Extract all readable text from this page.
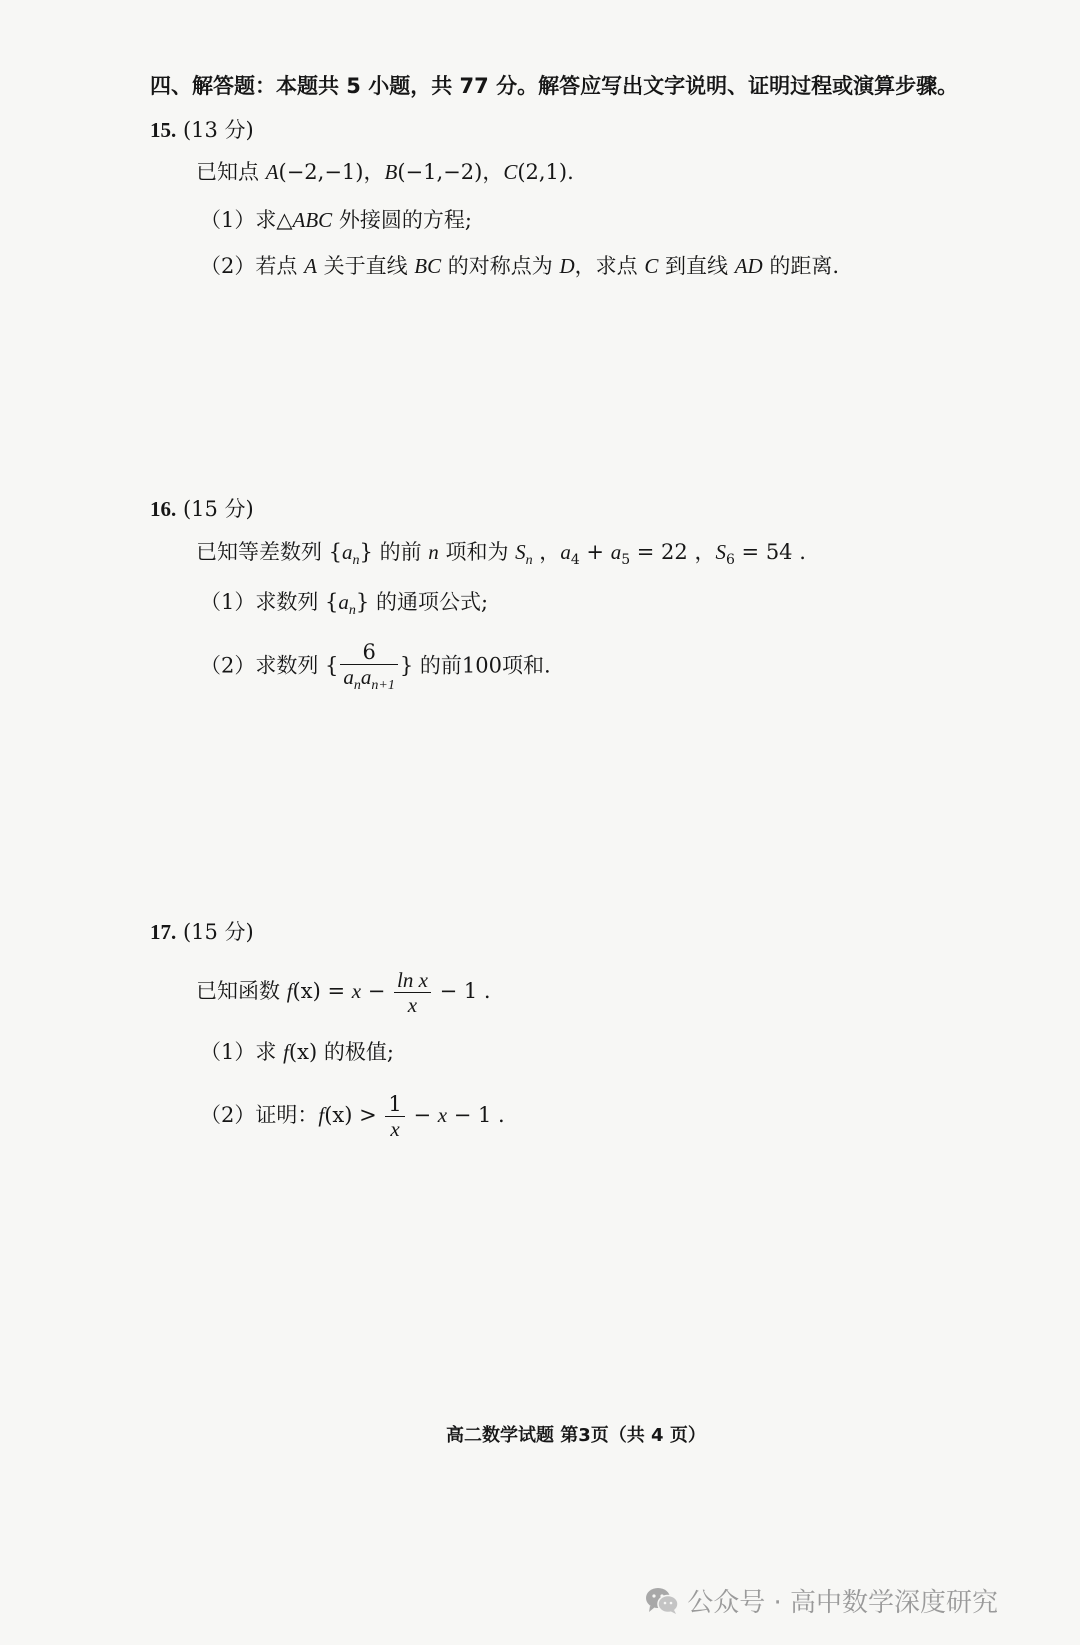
四、解答题：本题共 5 小题，共 77 分。解答应写出文字说明、证明过程或演算步骤。
15. (13 分)
已知点 A(−2,−1)，B(−1,−2)，C(2,1).
（1）求△ABC 外接圆的方程;
（2）若点 A 关于直线 BC 的对称点为 D，求点 C 到直线 AD 的距离.
16. (15 分)
已知等差数列 $\{a_n\}$ 的前 n 项和为 $S_n$ ，$a_4 + a_5 = 22$ ，$S_6 = 54$ .
（1）求数列 $\{a_n\}$ 的通项公式;
（2）求数列 { $\frac{6}{a_na_{n+1}}$ } 的前100项和.
17. (15 分)
已知函数 $f(x) = x - \frac{\text{ln x}}{x} - 1$ .
（1）求 f(x) 的极值;
（2）证明：$f(x) > \frac{1}{x} - x - 1$ .
高二数学试题 第3页（共 4 页）
公众号 · 高中数学深度研究
